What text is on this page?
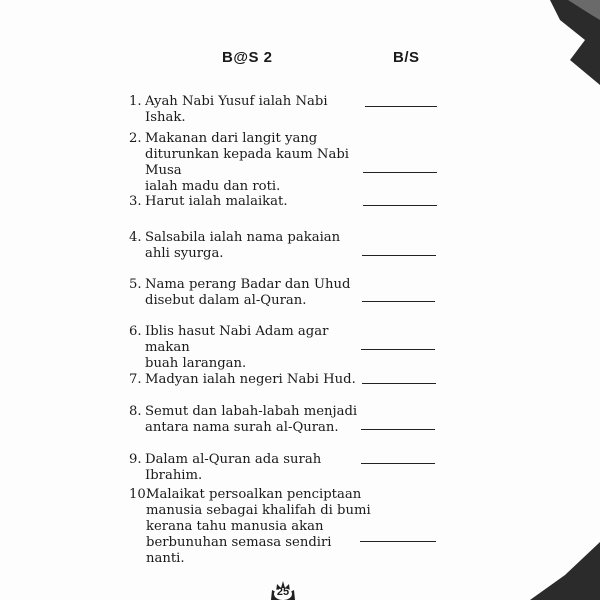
B@S 2	B/S
1. Ayah Nabi Yusuf ialah Nabi Ishak.
2. Makanan dari langit yang
diturunkan kepada kaum Nabi Musa
ialah madu dan roti.
3. Harut ialah malaikat.
4. Salsabila ialah nama pakaian
ahli syurga.
5. Nama perang Badar dan Uhud
disebut dalam al-Quran.
6. Iblis hasut Nabi Adam agar makan
buah larangan.
7. Madyan ialah negeri Nabi Hud.
8. Semut dan labah-labah menjadi
antara nama surah al-Quran.
9. Dalam al-Quran ada surah Ibrahim.
10.
Malaikat persoalkan penciptaan
manusia sebagai khalifah di bumi
kerana tahu manusia akan
berbunuhan semasa sendiri nanti.
25
